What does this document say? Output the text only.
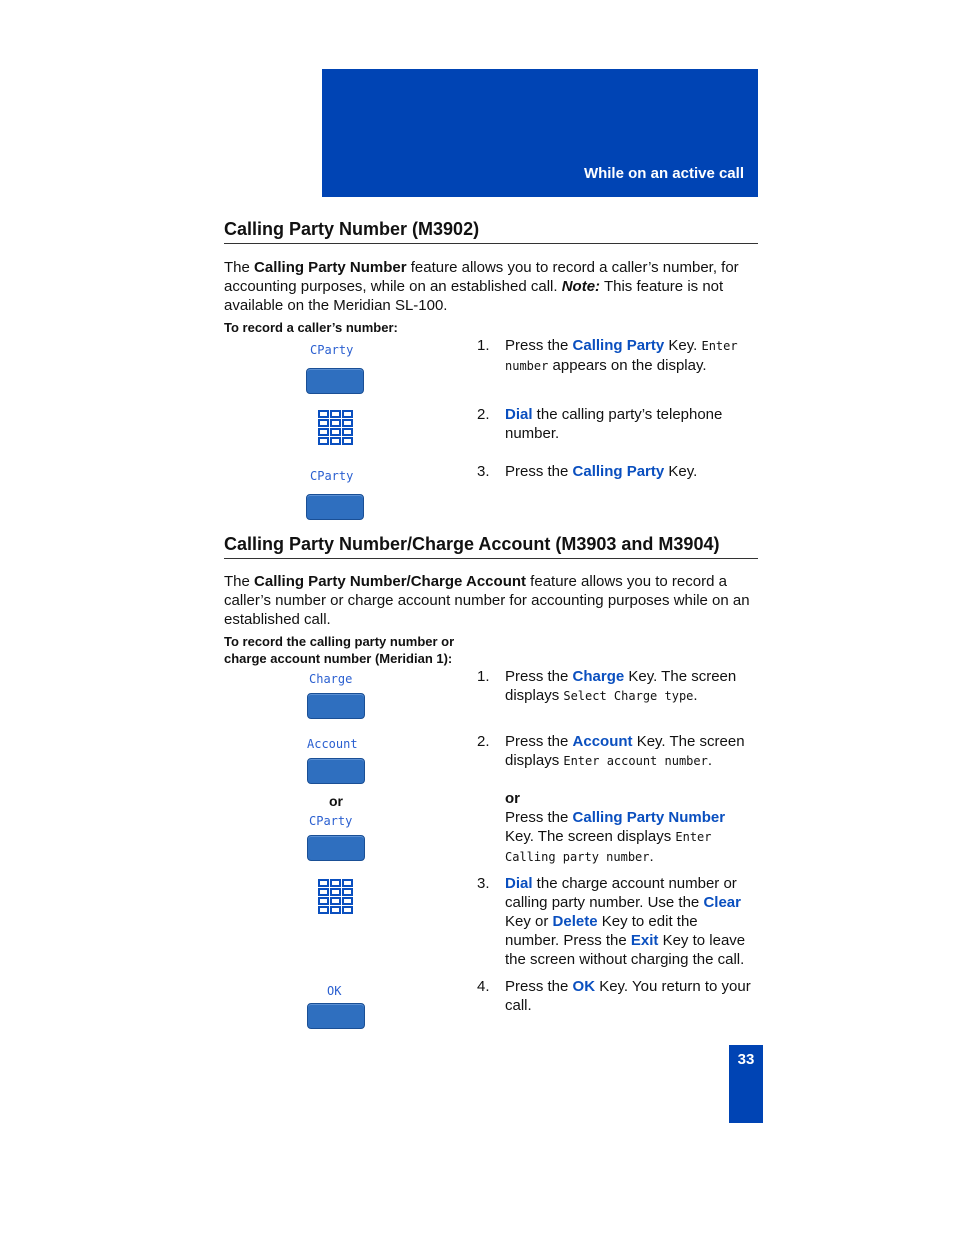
While on an active call
Calling Party Number (M3902)
The Calling Party Number feature allows you to record a caller’s number, for accounting purposes, while on an established call. Note: This feature is not available on the Meridian SL-100.
To record a caller’s number:
CParty
CParty
1.	Press the Calling Party Key. Enter number appears on the display.
2.	Dial the calling party’s telephone number.
3.	Press the Calling Party Key.
Calling Party Number/Charge Account (M3903 and M3904)
The Calling Party Number/Charge Account feature allows you to record a caller’s number or charge account number for accounting purposes while on an established call.
To record the calling party number or
charge account number (Meridian 1):
Charge
Account
or
CParty
OK
1.	Press the Charge Key. The screen displays Select Charge type.
2.	Press the Account Key. The screen displays Enter account number.
or
Press the Calling Party Number Key. The screen displays Enter Calling party number.
3.	Dial the charge account number or calling party number. Use the Clear Key or Delete Key to edit the number. Press the Exit Key to leave the screen without charging the call.
4.	Press the OK Key. You return to your call.
33
